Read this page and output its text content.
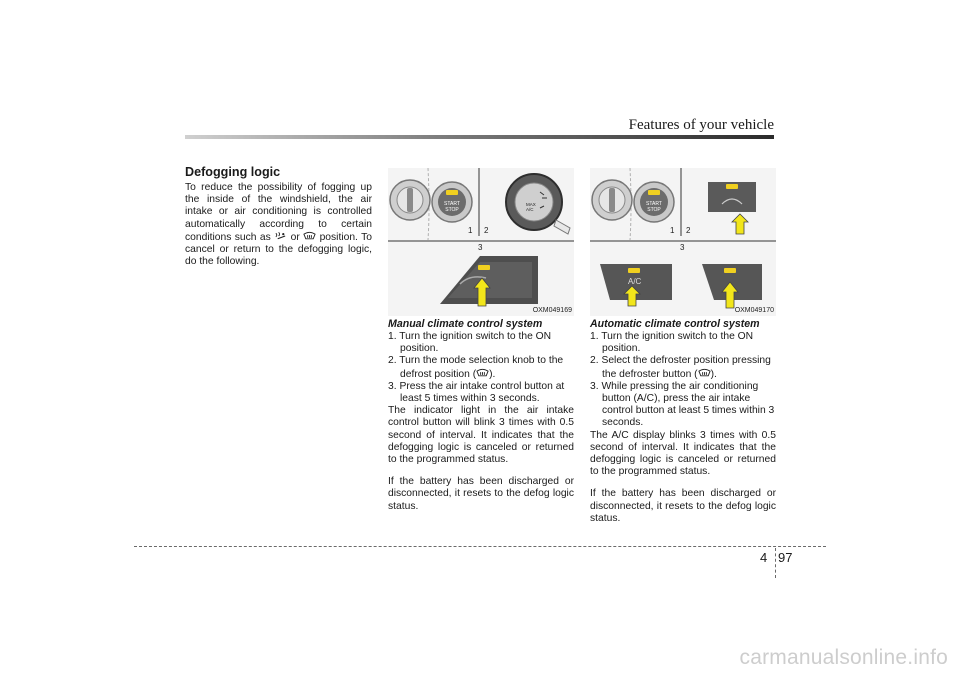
Features of your vehicle
Defogging logic

To reduce the possibility of fogging up the inside of the windshield, the air intake or air conditioning is controlled automatically according to certain conditions such as or position. To cancel or return to the defogging logic, do the following.

START
STOP
MAX
A/C
1 2
3
OXM049169
START
STOP
1 2
3
A/C
OXM049170
Manual climate control system
1. Turn the ignition switch to the ON position.
2. Turn the mode selection knob to the defrost position ( ).
3. Press the air intake control button at least 5 times within 3 seconds.

The indicator light in the air intake control button will blink 3 times with 0.5 second of interval. It indicates that the defogging logic is canceled or returned to the programmed status.

If the battery has been discharged or disconnected, it resets to the defog logic status.

Automatic climate control system
1. Turn the ignition switch to the ON position.
2. Select the defroster position pressing the defroster button ( ).
3. While pressing the air conditioning button (A/C), press the air intake control button at least 5 times within 3 seconds.

The A/C display blinks 3 times with 0.5 second of interval. It indicates that the defogging logic is canceled or returned to the programmed status.

If the battery has been discharged or disconnected, it resets to the defog logic status.

4 97
carmanualsonline.info
